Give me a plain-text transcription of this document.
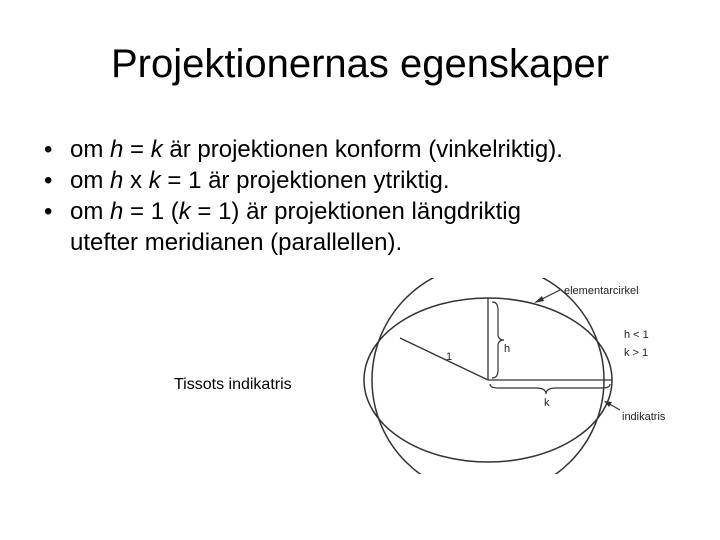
Projektionernas egenskaper
• om h = k är projektionen konform (vinkelriktig).
• om h x k = 1 är projektionen ytriktig.
• om h = 1 (k = 1) är projektionen längdriktig
utefter meridianen (parallellen).
Tissots indikatris
elementarcirkel
h < 1
k > 1
h
1
k
indikatris
